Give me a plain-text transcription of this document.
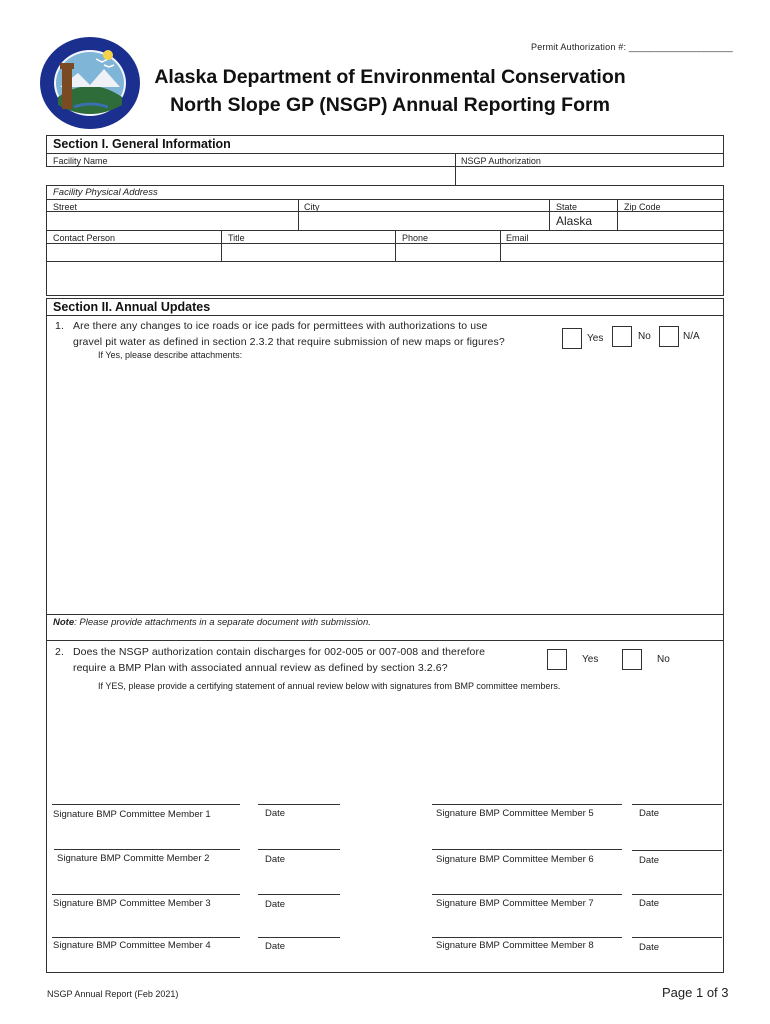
Permit Authorization #: ____________________
Alaska Department of Environmental Conservation
North Slope GP (NSGP) Annual Reporting Form
Section I. General Information
Facility Name	NSGP Authorization
Facility Physical Address
Street	City	State	Zip Code
Alaska
Contact Person	Title	Phone	Email
Section II. Annual Updates
1. Are there any changes to ice roads or ice pads for permittees with authorizations to use
gravel pit water as defined in section 2.3.2 that require submission of new maps or figures?	Yes	No	N/A
If Yes, please describe attachments:
Note: Please provide attachments in a separate document with submission.
2. Does the NSGP authorization contain discharges for 002-005 or 007-008 and therefore
require a BMP Plan with associated annual review as defined by section 3.2.6?
Yes	No
If YES, please provide a certifying statement of annual review below with signatures from BMP committee members.
Signature BMP Committee Member 1	Date	Signature BMP Committee Member 5	Date
Signature BMP Committe Member 2	Date	Signature BMP Committee Member 6	Date
Signature BMP Committee Member 3	Date	Signature BMP Committee Member 7	Date
Signature BMP Committee Member 4	Date	Signature BMP Committee Member 8	Date
NSGP Annual Report (Feb 2021)	Page 1 of 3
